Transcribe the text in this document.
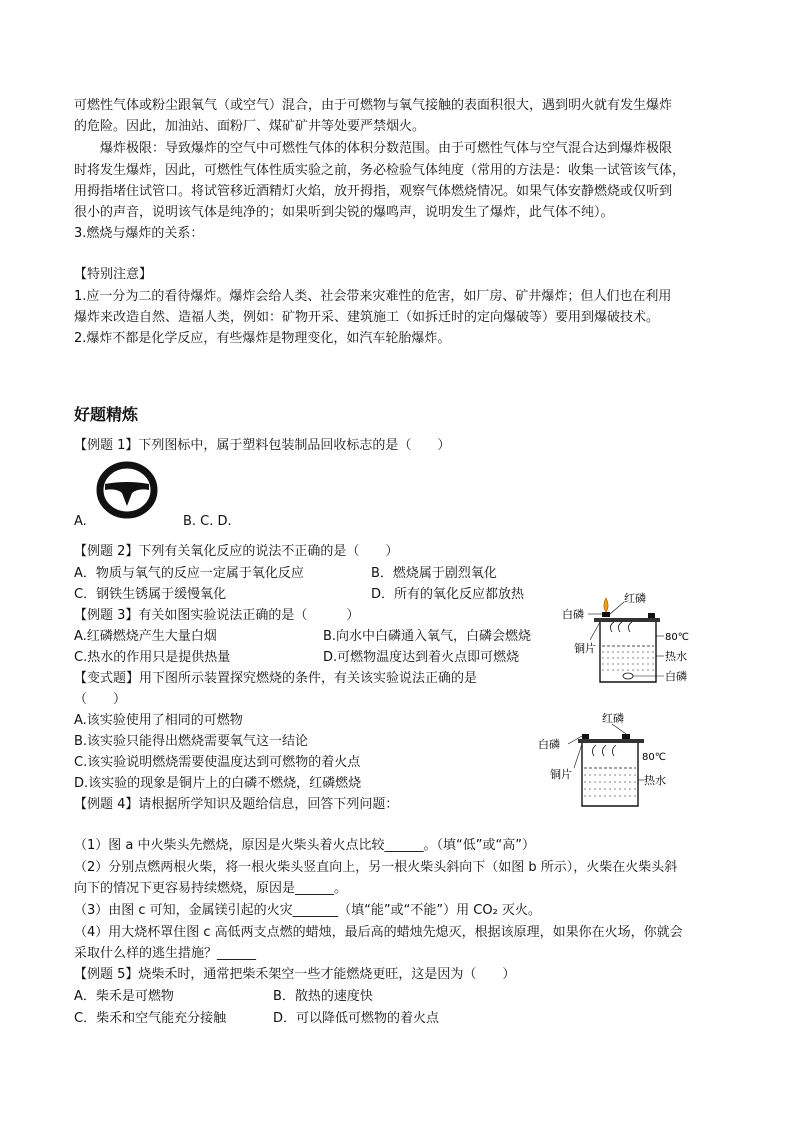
可燃性气体或粉尘跟氧气（或空气）混合，由于可燃物与氧气接触的表面积很大，遇到明火就有发生爆炸
的危险。因此，加油站、面粉厂、煤矿矿井等处要严禁烟火。
爆炸极限：导致爆炸的空气中可燃性气体的体积分数范围。由于可燃性气体与空气混合达到爆炸极限
时将发生爆炸，因此，可燃性气体性质实验之前，务必检验气体纯度（常用的方法是：收集一试管该气体，
用拇指堵住试管口。将试管移近酒精灯火焰，放开拇指，观察气体燃烧情况。如果气体安静燃烧或仅听到
很小的声音，说明该气体是纯净的；如果听到尖锐的爆鸣声，说明发生了爆炸，此气体不纯）。
3.燃烧与爆炸的关系：
【特别注意】
1.应一分为二的看待爆炸。爆炸会给人类、社会带来灾难性的危害，如厂房、矿井爆炸；但人们也在利用
爆炸来改造自然、造福人类，例如：矿物开采、建筑施工（如拆迁时的定向爆破等）要用到爆破技术。
2.爆炸不都是化学反应，有些爆炸是物理变化，如汽车轮胎爆炸。
好题精炼
【例题 1】下列图标中，属于塑料包装制品回收标志的是（　　）
A.	B. C. D.
【例题 2】下列有关氧化反应的说法不正确的是（　　）
A．物质与氧气的反应一定属于氧化反应	B．燃烧属于剧烈氧化
C．钢铁生锈属于缓慢氧化	D．所有的氧化反应都放热
【例题 3】有关如图实验说法正确的是（　　　）
A.红磷燃烧产生大量白烟	B.向水中白磷通入氧气，白磷会燃烧
C.热水的作用只是提供热量	D.可燃物温度达到着火点即可燃烧
红磷
白磷
铜片
80℃
热水
白磷
【变式题】用下图所示装置探究燃烧的条件，有关该实验说法正确的是
（　　）
A.该实验使用了相同的可燃物
B.该实验只能得出燃烧需要氧气这一结论
C.该实验说明燃烧需要使温度达到可燃物的着火点
D.该实验的现象是铜片上的白磷不燃烧，红磷燃烧
红磷
白磷
铜片
80℃
热水
【例题 4】请根据所学知识及题给信息，回答下列问题：
（1）图 a 中火柴头先燃烧，原因是火柴头着火点比较______。（填“低”或“高”）
（2）分别点燃两根火柴，将一根火柴头竖直向上，另一根火柴头斜向下（如图 b 所示），火柴在火柴头斜
向下的情况下更容易持续燃烧，原因是______。
（3）由图 c 可知，金属镁引起的火灾_______（填“能”或“不能”）用 CO₂ 灭火。
（4）用大烧杯罩住图 c 高低两支点燃的蜡烛，最后高的蜡烛先熄灭，根据该原理，如果你在火场，你就会
采取什么样的逃生措施？______
【例题 5】烧柴禾时，通常把柴禾架空一些才能燃烧更旺，这是因为（　　）
A．柴禾是可燃物	B．散热的速度快
C．柴禾和空气能充分接触	D．可以降低可燃物的着火点
